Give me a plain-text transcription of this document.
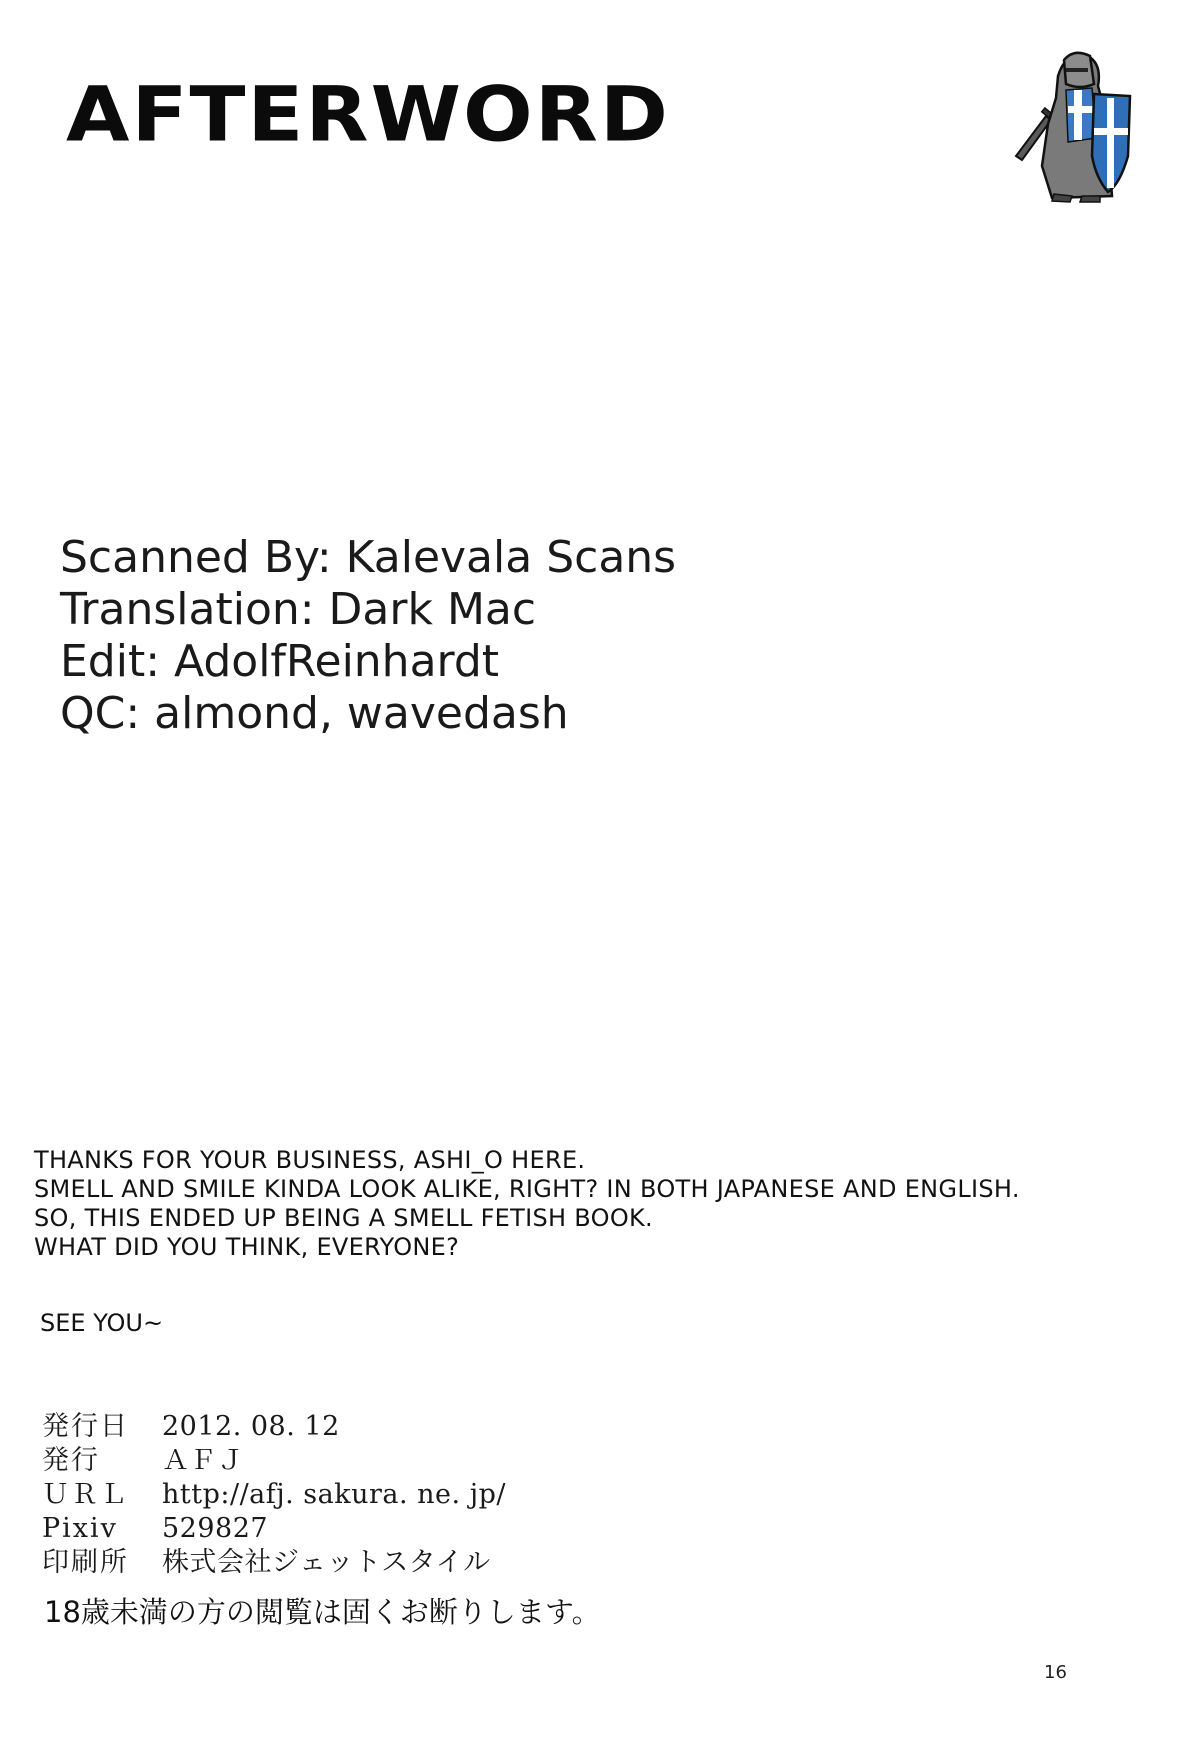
AFTERWORD
Scanned By: Kalevala Scans
Translation: Dark Mac
Edit: AdolfReinhardt
QC: almond, wavedash
THANKS FOR YOUR BUSINESS, ASHI_O HERE.
SMELL AND SMILE KINDA LOOK ALIKE, RIGHT? IN BOTH JAPANESE AND ENGLISH.
SO, THIS ENDED UP BEING A SMELL FETISH BOOK.
WHAT DID YOU THINK, EVERYONE?
SEE YOU~
発行日	2012. 08. 12
発行	ＡＦＪ
ＵＲＬ	http://afj. sakura. ne. jp/
Pixiv	529827
印刷所	株式会社ジェットスタイル
18歳未満の方の閲覧は固くお断りします。
16
